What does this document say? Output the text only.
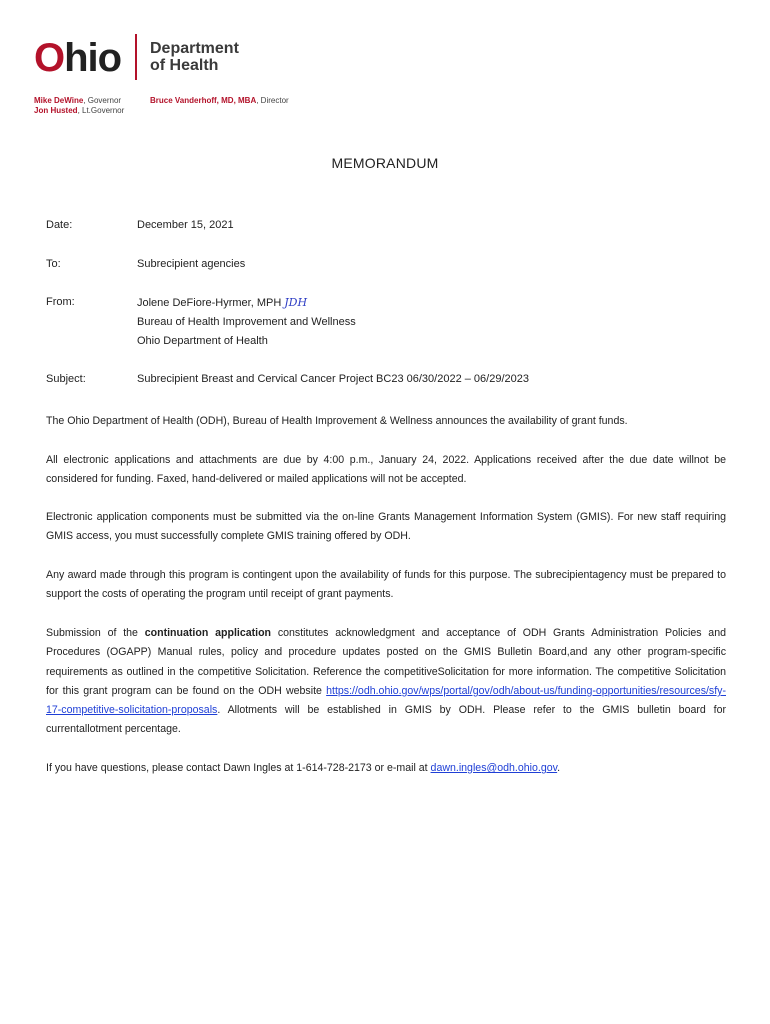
Ohio Department
of Health
Mike DeWine, Governor
Jon Husted, Lt.Governor
Bruce Vanderhoff, MD, MBA, Director
MEMORANDUM
Date:	December 15, 2021
To:	Subrecipient agencies
From:	Jolene DeFiore-Hyrmer, MPH JDH
Bureau of Health Improvement and Wellness
Ohio Department of Health
Subject:	Subrecipient Breast and Cervical Cancer Project BC23 06/30/2022 – 06/29/2023
The Ohio Department of Health (ODH), Bureau of Health Improvement & Wellness announces the availability of grant funds.
All electronic applications and attachments are due by 4:00 p.m., January 24, 2022. Applications received after the due date willnot be considered for funding. Faxed, hand-delivered or mailed applications will not be accepted.
Electronic application components must be submitted via the on-line Grants Management Information System (GMIS). For new staff requiring GMIS access, you must successfully complete GMIS training offered by ODH.
Any award made through this program is contingent upon the availability of funds for this purpose. The subrecipientagency must be prepared to support the costs of operating the program until receipt of grant payments.
Submission of the continuation application constitutes acknowledgment and acceptance of ODH Grants Administration Policies and Procedures (OGAPP) Manual rules, policy and procedure updates posted on the GMIS Bulletin Board,and any other program-specific requirements as outlined in the competitive Solicitation. Reference the competitiveSolicitation for more information. The competitive Solicitation for this grant program can be found on the ODH website https://odh.ohio.gov/wps/portal/gov/odh/about-us/funding-opportunities/resources/sfy-17-competitive-solicitation-proposals. Allotments will be established in GMIS by ODH. Please refer to the GMIS bulletin board for currentallotment percentage.
If you have questions, please contact Dawn Ingles at 1-614-728-2173 or e-mail at dawn.ingles@odh.ohio.gov.
